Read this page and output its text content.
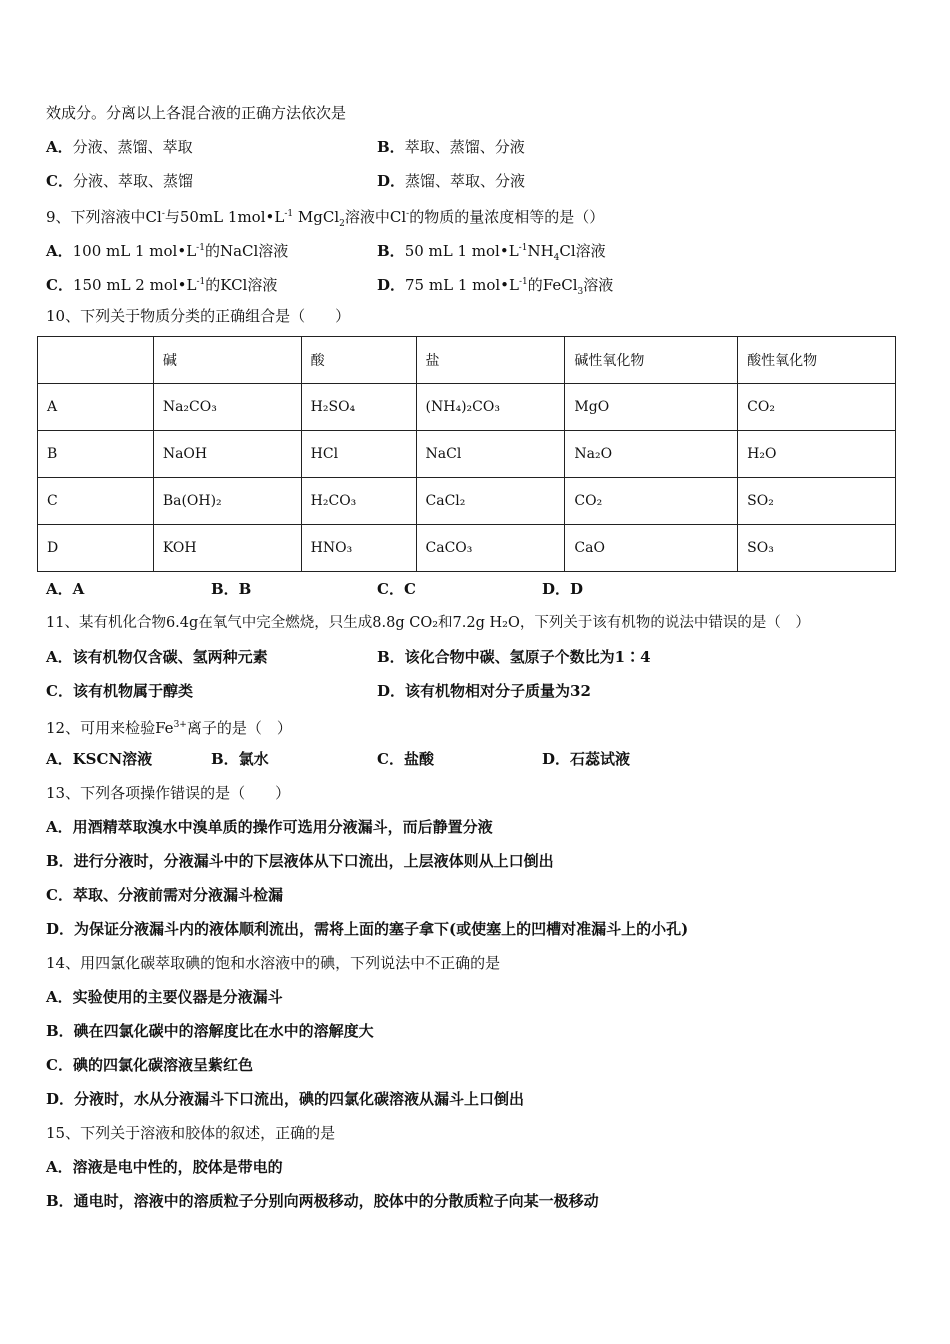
效成分。分离以上各混合液的正确方法依次是
A．分液、蒸馏、萃取	B．萃取、蒸馏、分液
C．分液、萃取、蒸馏	D．蒸馏、萃取、分液
9、下列溶液中Cl-与50mL $1mol•L^{-1}$ MgCl$_2$溶液中Cl-的物质的量浓度相等的是（）
A．100 mL 1 $mol•L^{-1}$的NaCl溶液	B．50 mL 1 $mol•L^{-1}NH_4Cl$溶液
C．150 mL 2 $mol•L^{-1}$的KCl溶液	D．75 mL 1 $mol•L^{-1}$的FeCl$_3$溶液
10、下列关于物质分类的正确组合是（　　）
	碱	酸	盐	碱性氧化物	酸性氧化物
A	Na₂CO₃	H₂SO₄	(NH₄)₂CO₃	MgO	CO₂
B	NaOH	HCl	NaCl	Na₂O	H₂O
C	Ba(OH)₂	H₂CO₃	CaCl₂	CO₂	SO₂
D	KOH	HNO₃	CaCO₃	CaO	SO₃
A．A	B．B	C．C	D．D
11、某有机化合物6.4g在氧气中完全燃烧，只生成8.8g CO₂和7.2g H₂O，下列关于该有机物的说法中错误的是（　）
A．该有机物仅含碳、氢两种元素	B．该化合物中碳、氢原子个数比为1∶4
C．该有机物属于醇类	D．该有机物相对分子质量为32
12、可用来检验$Fe^{3+}$离子的是（　）
A．KSCN溶液	B．氯水	C．盐酸	D．石蕊试液
13、下列各项操作错误的是（　　）
A．用酒精萃取溴水中溴单质的操作可选用分液漏斗，而后静置分液
B．进行分液时，分液漏斗中的下层液体从下口流出，上层液体则从上口倒出
C．萃取、分液前需对分液漏斗检漏
D．为保证分液漏斗内的液体顺利流出，需将上面的塞子拿下(或使塞上的凹槽对准漏斗上的小孔)
14、用四氯化碳萃取碘的饱和水溶液中的碘，下列说法中不正确的是
A．实验使用的主要仪器是分液漏斗
B．碘在四氯化碳中的溶解度比在水中的溶解度大
C．碘的四氯化碳溶液呈紫红色
D．分液时，水从分液漏斗下口流出，碘的四氯化碳溶液从漏斗上口倒出
15、下列关于溶液和胶体的叙述，正确的是
A．溶液是电中性的，胶体是带电的
B．通电时，溶液中的溶质粒子分别向两极移动，胶体中的分散质粒子向某一极移动
